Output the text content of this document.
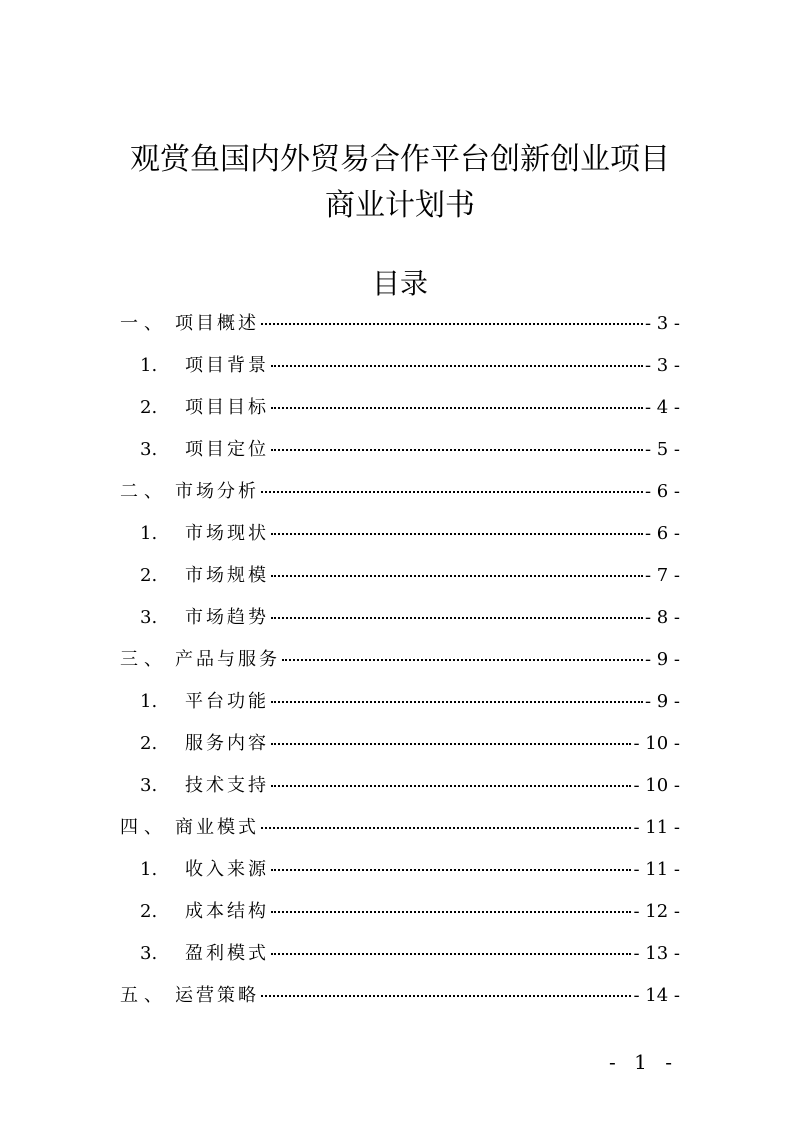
观赏鱼国内外贸易合作平台创新创业项目
商业计划书
目录
一、 项目概述	- 3 -
1.	项目背景	- 3 -
2.	项目目标	- 4 -
3.	项目定位	- 5 -
二、 市场分析	- 6 -
1.	市场现状	- 6 -
2.	市场规模	- 7 -
3.	市场趋势	- 8 -
三、 产品与服务	- 9 -
1.	平台功能	- 9 -
2.	服务内容	- 10 -
3.	技术支持	- 10 -
四、 商业模式	- 11 -
1.	收入来源	- 11 -
2.	成本结构	- 12 -
3.	盈利模式	- 13 -
五、 运营策略	- 14 -
- 1 -
